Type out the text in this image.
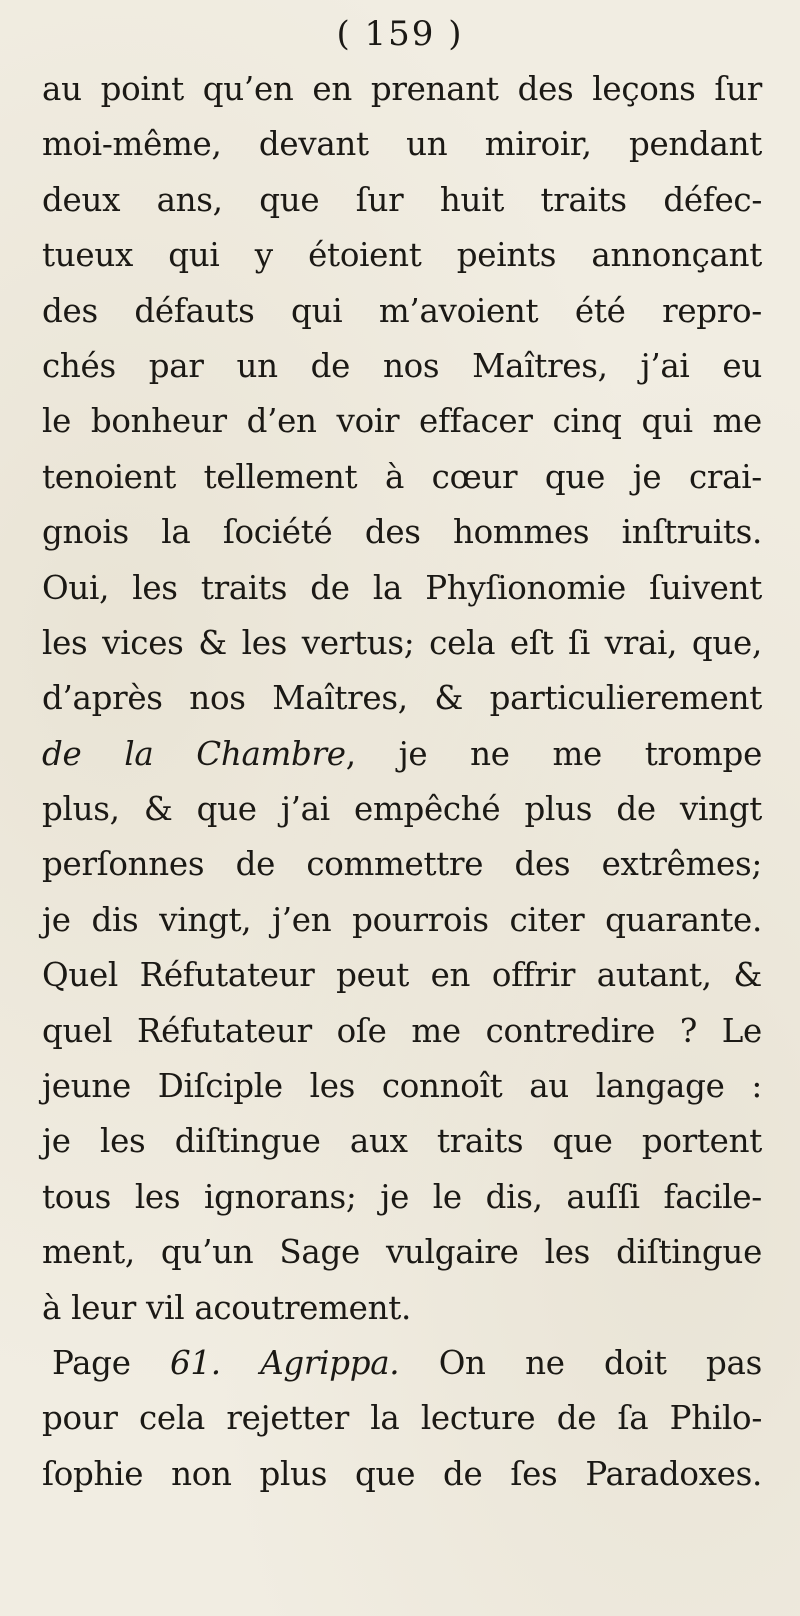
( 159 )
au point qu’en en prenant des leçons ſur
moi-même, devant un miroir, pendant
deux ans, que ſur huit traits défec-
tueux qui y étoient peints annonçant
des défauts qui m’avoient été repro-
chés par un de nos Maîtres, j’ai eu
le bonheur d’en voir effacer cinq qui me
tenoient tellement à cœur que je crai-
gnois la ſociété des hommes inſtruits.
Oui, les traits de la Phyſionomie ſuivent
les vices & les vertus; cela eſt ſi vrai, que,
d’après nos Maîtres, & particulierement
de la Chambre, je ne me trompe
plus, & que j’ai empêché plus de vingt
perſonnes de commettre des extrêmes;
je dis vingt, j’en pourrois citer quarante.
Quel Réfutateur peut en offrir autant, &
quel Réfutateur oſe me contredire ? Le
jeune Diſciple les connoît au langage :
je les diſtingue aux traits que portent
tous les ignorans; je le dis, auſſi facile-
ment, qu’un Sage vulgaire les diſtingue
à leur vil acoutrement.
Page 61. Agrippa. On ne doit pas
pour cela rejetter la lecture de ſa Philo-
ſophie non plus que de ſes Paradoxes.
